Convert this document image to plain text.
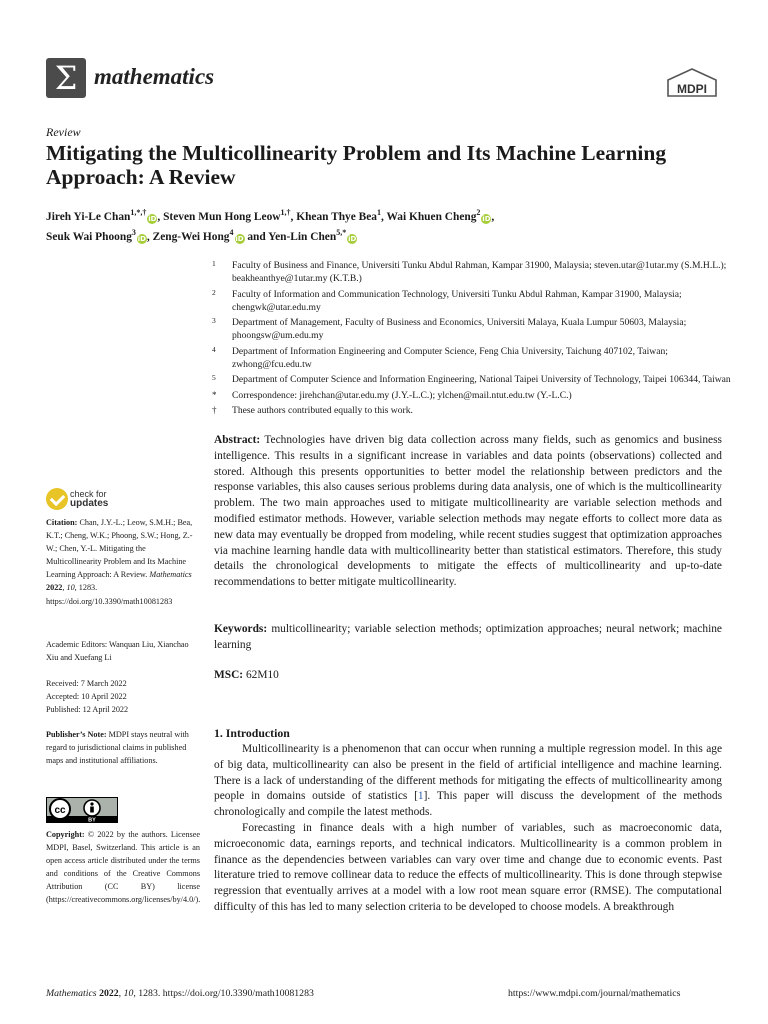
Σ mathematics	MDPI
Review
Mitigating the Multicollinearity Problem and Its Machine Learning Approach: A Review
Jireh Yi-Le Chan$^{1,*,\dagger}$iD, Steven Mun Hong Leow$^{1,\dagger}$, Khean Thye Bea$^1$, Wai Khuen Cheng$^2$iD,
Seuk Wai Phoong$^3$iD, Zeng-Wei Hong$^4$iD and Yen-Lin Chen$^{5,*}$iD
1 Faculty of Business and Finance, Universiti Tunku Abdul Rahman, Kampar 31900, Malaysia; steven.utar@1utar.my (S.M.H.L.); beakheanthye@1utar.my (K.T.B.)
2 Faculty of Information and Communication Technology, Universiti Tunku Abdul Rahman, Kampar 31900, Malaysia; chengwk@utar.edu.my
3 Department of Management, Faculty of Business and Economics, Universiti Malaya, Kuala Lumpur 50603, Malaysia; phoongsw@um.edu.my
4 Department of Information Engineering and Computer Science, Feng Chia University, Taichung 407102, Taiwan; zwhong@fcu.edu.tw
5 Department of Computer Science and Information Engineering, National Taipei University of Technology, Taipei 106344, Taiwan
* Correspondence: jirehchan@utar.edu.my (J.Y.-L.C.); ylchen@mail.ntut.edu.tw (Y.-L.C.)
† These authors contributed equally to this work.
Abstract: Technologies have driven big data collection across many fields, such as genomics and business intelligence. This results in a significant increase in variables and data points (observations) collected and stored. Although this presents opportunities to better model the relationship between predictors and the response variables, this also causes serious problems during data analysis, one of which is the multicollinearity problem. The two main approaches used to mitigate multicollinearity are variable selection methods and modified estimator methods. However, variable selection methods may negate efforts to collect more data as new data may eventually be dropped from modeling, while recent studies suggest that optimization approaches via machine learning handle data with multicollinearity better than statistical estimators. Therefore, this study details the chronological developments to mitigate the effects of multicollinearity and up-to-date recommendations to better mitigate multicollinearity.
Keywords: multicollinearity; variable selection methods; optimization approaches; neural network; machine learning
MSC: 62M10
1. Introduction

Multicollinearity is a phenomenon that can occur when running a multiple regression model. In this age of big data, multicollinearity can also be present in the field of artificial intelligence and machine learning. There is a lack of understanding of the different methods for mitigating the effects of multicollinearity among people in domains outside of statistics [1]. This paper will discuss the development of the methods chronologically and compile the latest methods.

Forecasting in finance deals with a high number of variables, such as macroeconomic data, microeconomic data, earnings reports, and technical indicators. Multicollinearity is a common problem in finance as the dependencies between variables can vary over time and change due to economic events. Past literature tried to remove collinear data to reduce the effects of multicollinearity. This is done through stepwise regression that eventually arrives at a model with a low root mean square error (RMSE). The computational difficulty of this has led to many selection criteria to be developed to choose models. A breakthrough

check for
updates

Citation: Chan, J.Y.-L.; Leow, S.M.H.; Bea, K.T.; Cheng, W.K.; Phoong, S.W.; Hong, Z.-W.; Chen, Y.-L. Mitigating the Multicollinearity Problem and Its Machine Learning Approach: A Review. Mathematics 2022, 10, 1283. https://doi.org/10.3390/math10081283

Academic Editors: Wanquan Liu, Xianchao Xiu and Xuefang Li

Received: 7 March 2022

Accepted: 10 April 2022

Published: 12 April 2022

Publisher’s Note: MDPI stays neutral with regard to jurisdictional claims in published maps and institutional affiliations.

cc
BY

Copyright: © 2022 by the authors. Licensee MDPI, Basel, Switzerland. This article is an open access article distributed under the terms and conditions of the Creative Commons Attribution (CC BY) license (https://creativecommons.org/licenses/by/4.0/).

Mathematics 2022, 10, 1283. https://doi.org/10.3390/math10081283	https://www.mdpi.com/journal/mathematics
